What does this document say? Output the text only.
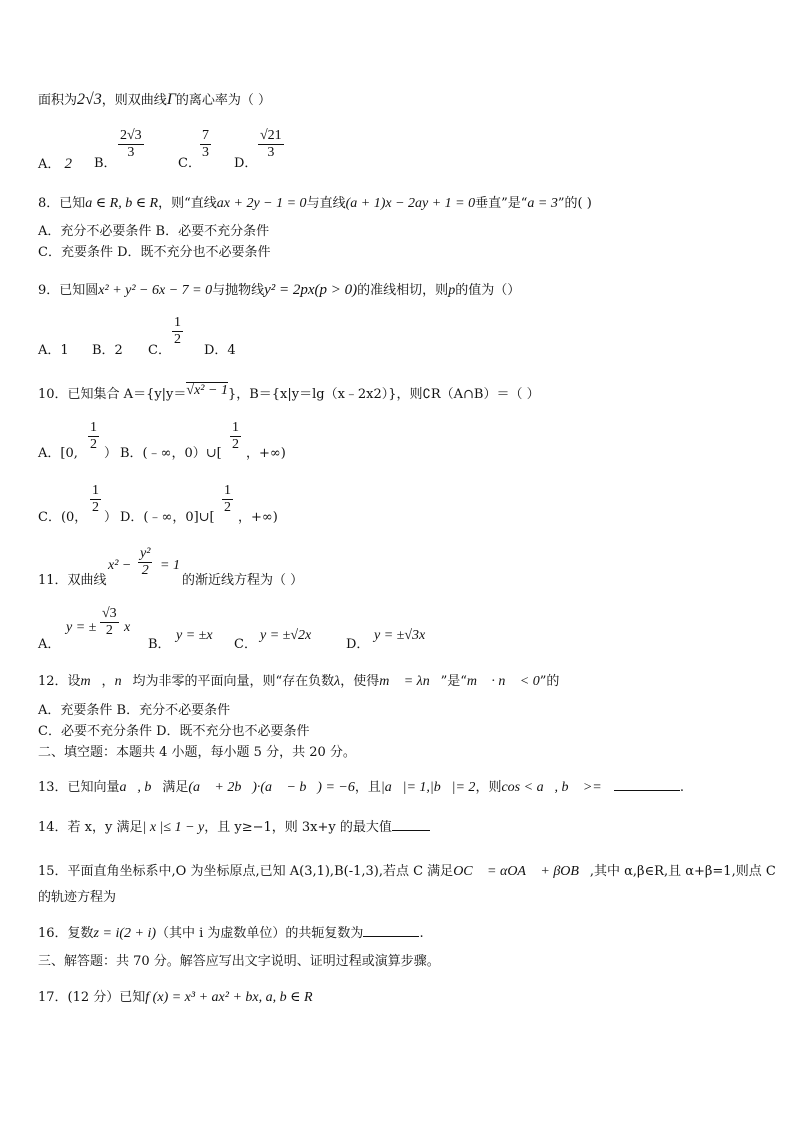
面积为2√3，则双曲线Γ的离心率为（ ）
A． 2 B．
$\frac{2√3}{3}$
C．
$\frac{7}{3}$
D．
$\frac{√21}{3}$
8．已知a ∈ R, b ∈ R，则“直线ax + 2y − 1 = 0与直线(a + 1)x − 2ay + 1 = 0垂直”是“a = 3”的( )
A．充分不必要条件 B．必要不充分条件
C．充要条件 D．既不充分也不必要条件
9．已知圆x² + y² − 6x − 7 = 0与抛物线y² = 2px(p > 0)的准线相切，则p的值为（）
A．1 B．2 C．
$\frac{1}{2}$
D．4
10．已知集合 A＝{y|y＝√x² − 1}，B＝{x|y＝lg（x﹣2x2）}，则∁R（A∩B）＝（ ）
A．[0,
$\frac{1}{2}$
） B．(﹣∞，0）∪[
$\frac{1}{2}$
，+∞)
C．(0，
$\frac{1}{2}$
） D．(﹣∞，0]∪[
$\frac{1}{2}$
，+∞)
11．双曲线
$x^2 - \frac{\text{y²}}{2} = 1$
的渐近线方程为（ ）
A．
y = ± $\frac{√3}{2}$ x
B．
y = ±x
C．
y = ±√2x
D．
y = ±√3x
12．设m⃗，n⃗均为非零的平面向量，则“存在负数λ，使得m⃗ = λn⃗”是“m⃗ · n⃗ < 0”的
A．充要条件 B．充分不必要条件
C．必要不充分条件 D．既不充分也不必要条件
二、填空题：本题共 4 小题，每小题 5 分，共 20 分。
13．已知向量a⃗, b⃗满足(a⃗ + 2b⃗)·(a⃗ − b⃗) = −6，且|a⃗|= 1,|b⃗|= 2，则cos < a⃗, b⃗ >=	.
14．若 x，y 满足| x |≤ 1 − y，且 y≥−1，则 3x+y 的最大值
15．平面直角坐标系中,O 为坐标原点,已知 A(3,1),B(-1,3),若点 C 满足OC⃗ = αOA⃗ + βOB⃗,其中 α,β∈R,且 α+β=1,则点 C
的轨迹方程为
16．复数z = i(2 + i)（其中 i 为虚数单位）的共轭复数为	.
三、解答题：共 70 分。解答应写出文字说明、证明过程或演算步骤。
17．(12 分）已知f (x) = x³ + ax² + bx, a, b ∈ R
